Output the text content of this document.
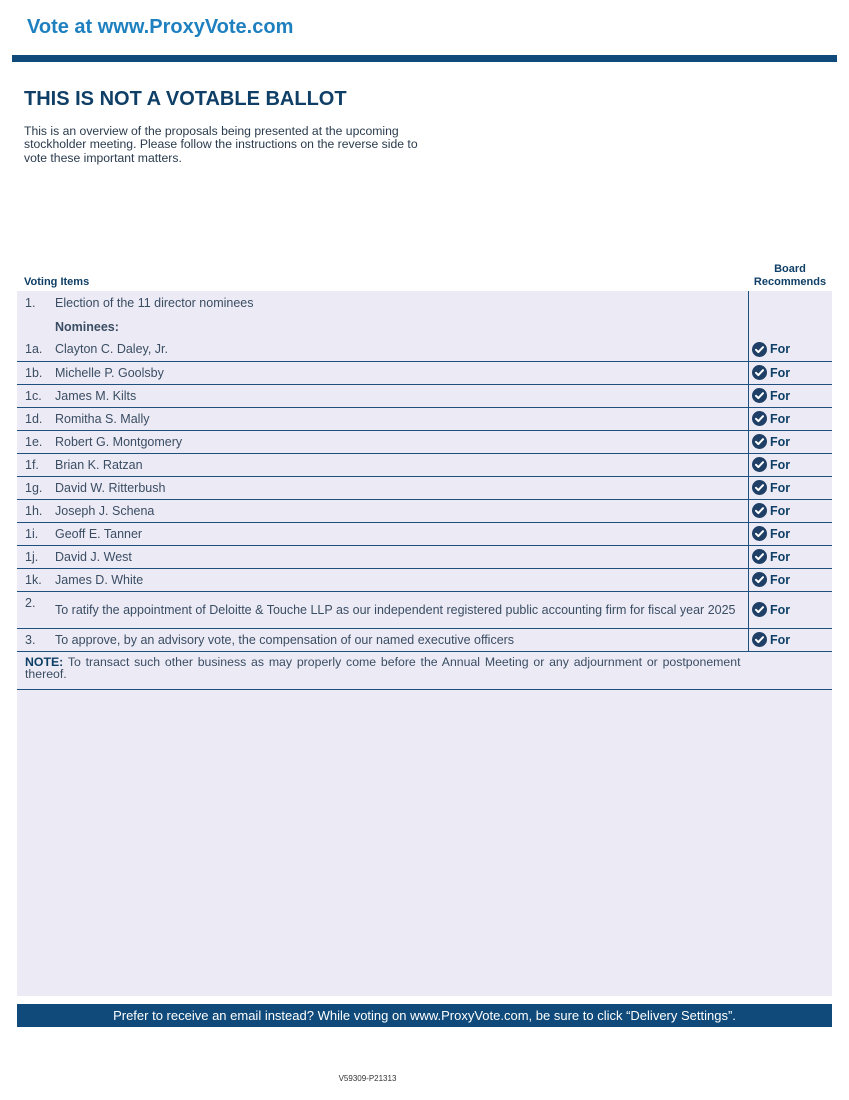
Vote at www.ProxyVote.com
THIS IS NOT A VOTABLE BALLOT
This is an overview of the proposals being presented at the upcoming stockholder meeting. Please follow the instructions on the reverse side to vote these important matters.
Voting Items
Board Recommends
1.	Election of the 11 director nominees	
	Nominees:	
1a.	Clayton C. Daley, Jr.	For

1b.	Michelle P. Goolsby	For

1c.	James M. Kilts	For

1d.	Romitha S. Mally	For

1e.	Robert G. Montgomery	For

1f.	Brian K. Ratzan	For

1g.	David W. Ritterbush	For

1h.	Joseph J. Schena	For

1i.	Geoff E. Tanner	For

1j.	David J. West	For

1k.	James D. White	For

2.	To ratify the appointment of Deloitte & Touche LLP as our independent registered public accounting firm for fiscal year 2025	For

3.	To approve, by an advisory vote, the compensation of our named executive officers	For

NOTE: To transact such other business as may properly come before the Annual Meeting or any adjournment or postponement thereof.		
Prefer to receive an email instead? While voting on www.ProxyVote.com, be sure to click “Delivery Settings”.
V59309-P21313
